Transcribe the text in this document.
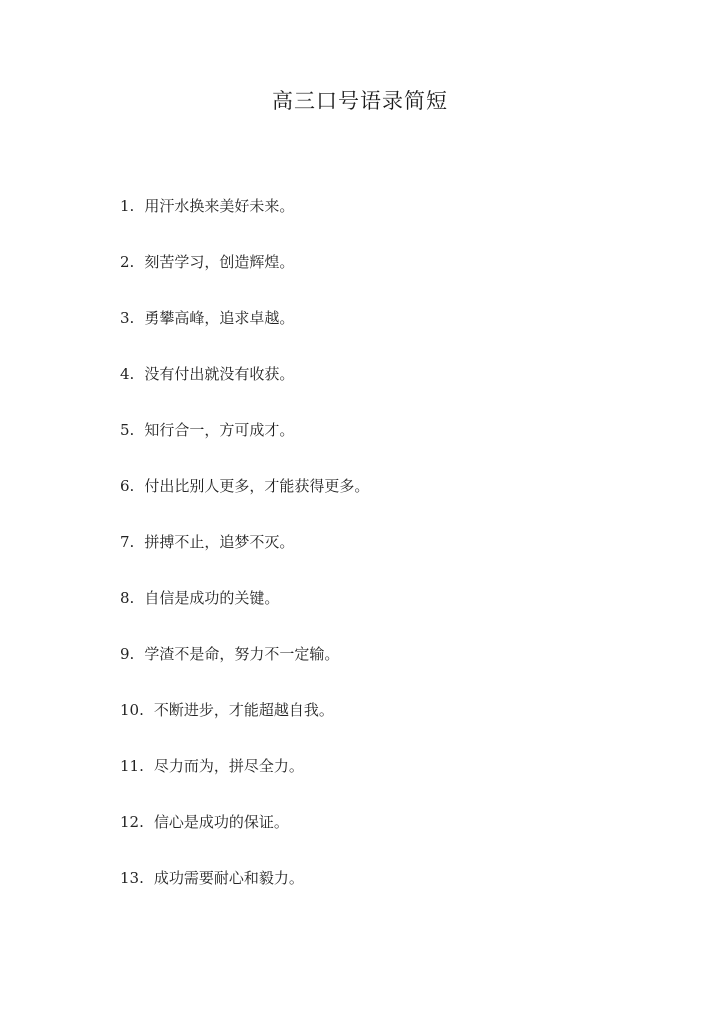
高三口号语录简短
1. 用汗水换来美好未来。
2. 刻苦学习，创造辉煌。
3. 勇攀高峰，追求卓越。
4. 没有付出就没有收获。
5. 知行合一，方可成才。
6. 付出比别人更多，才能获得更多。
7. 拼搏不止，追梦不灭。
8. 自信是成功的关键。
9. 学渣不是命，努力不一定输。
10. 不断进步，才能超越自我。
11. 尽力而为，拼尽全力。
12. 信心是成功的保证。
13. 成功需要耐心和毅力。
